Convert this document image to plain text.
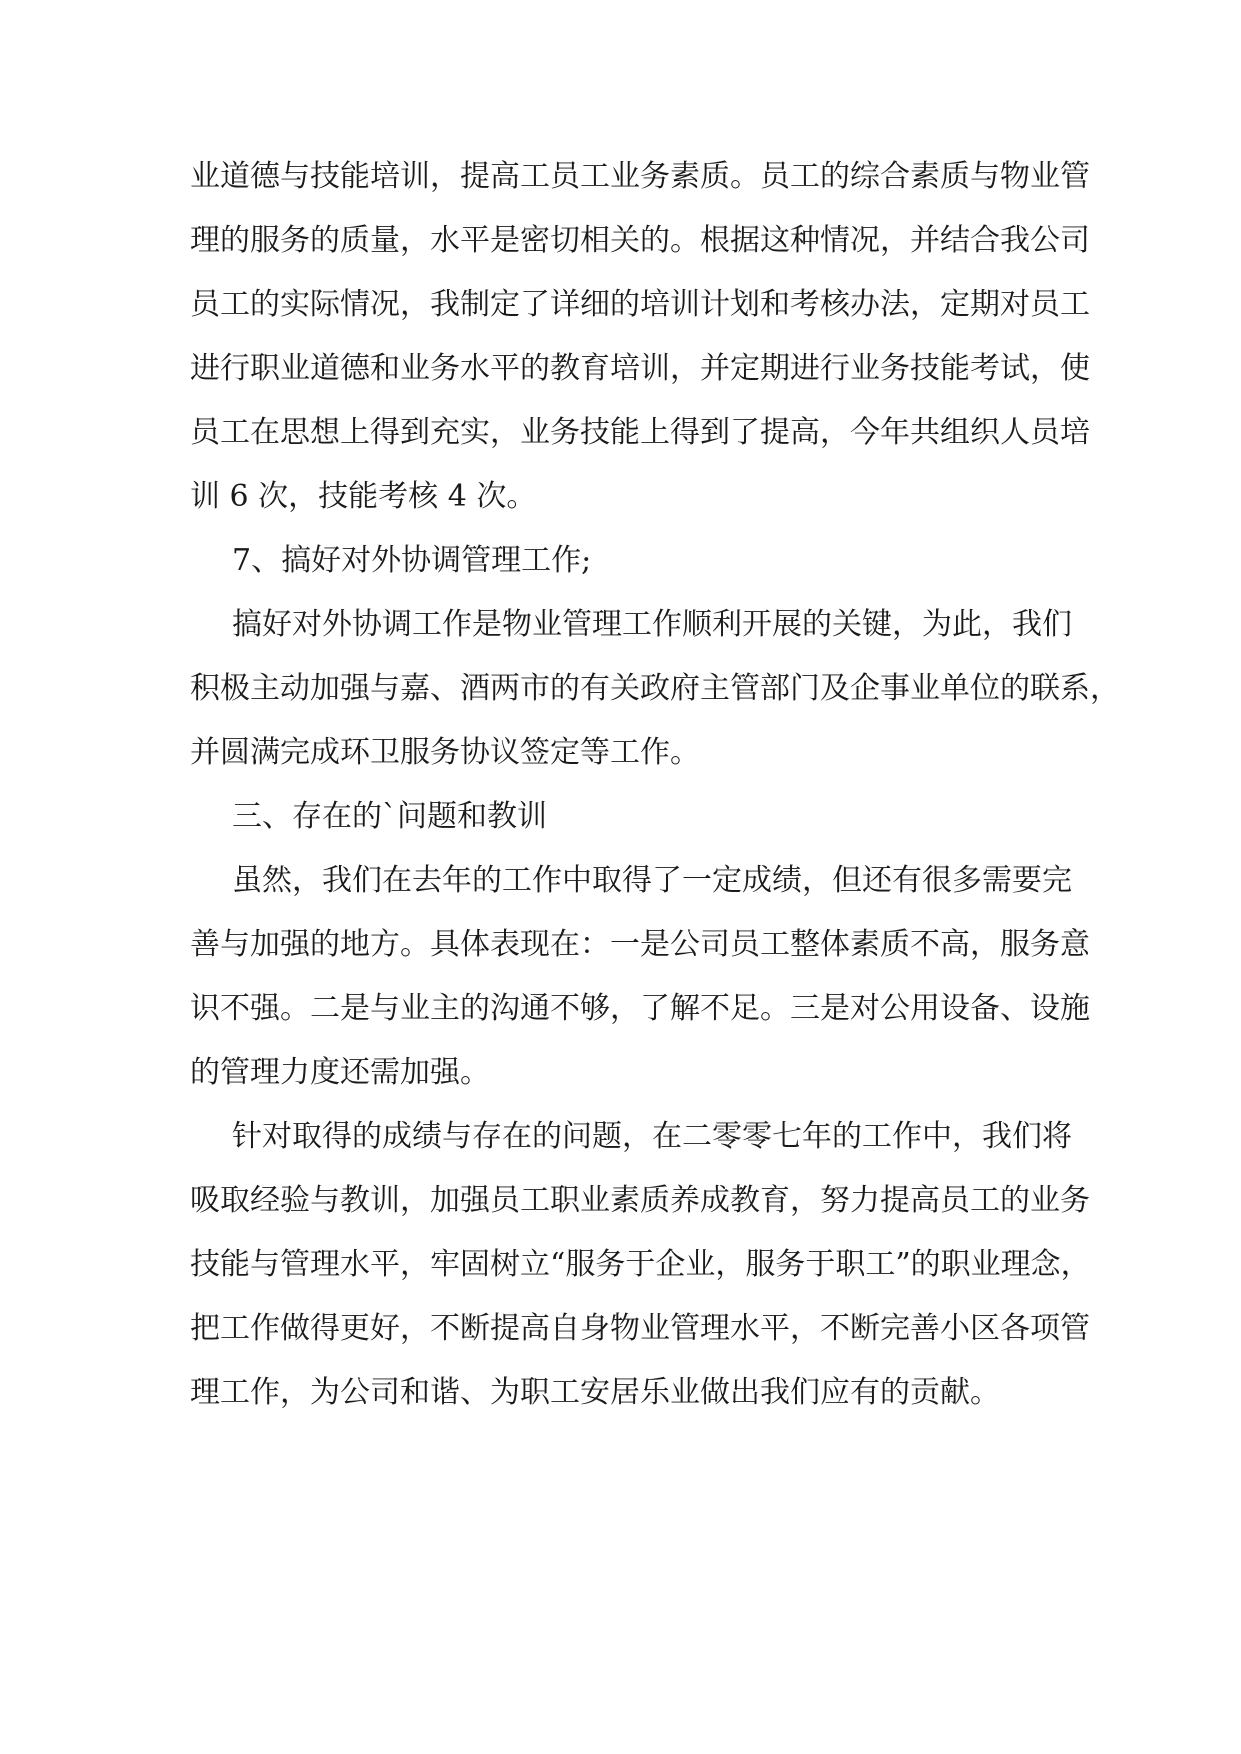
业道德与技能培训，提高工员工业务素质。员工的综合素质与物业管
理的服务的质量，水平是密切相关的。根据这种情况，并结合我公司
员工的实际情况，我制定了详细的培训计划和考核办法，定期对员工
进行职业道德和业务水平的教育培训，并定期进行业务技能考试，使
员工在思想上得到充实，业务技能上得到了提高，今年共组织人员培
训 6 次，技能考核 4 次。
7、搞好对外协调管理工作;
搞好对外协调工作是物业管理工作顺利开展的关键，为此，我们
积极主动加强与嘉、酒两市的有关政府主管部门及企事业单位的联系，
并圆满完成环卫服务协议签定等工作。
三、存在的`问题和教训
虽然，我们在去年的工作中取得了一定成绩，但还有很多需要完
善与加强的地方。具体表现在：一是公司员工整体素质不高，服务意
识不强。二是与业主的沟通不够，了解不足。三是对公用设备、设施
的管理力度还需加强。
针对取得的成绩与存在的问题，在二零零七年的工作中，我们将
吸取经验与教训，加强员工职业素质养成教育，努力提高员工的业务
技能与管理水平，牢固树立“服务于企业，服务于职工”的职业理念，
把工作做得更好，不断提高自身物业管理水平，不断完善小区各项管
理工作，为公司和谐、为职工安居乐业做出我们应有的贡献。
